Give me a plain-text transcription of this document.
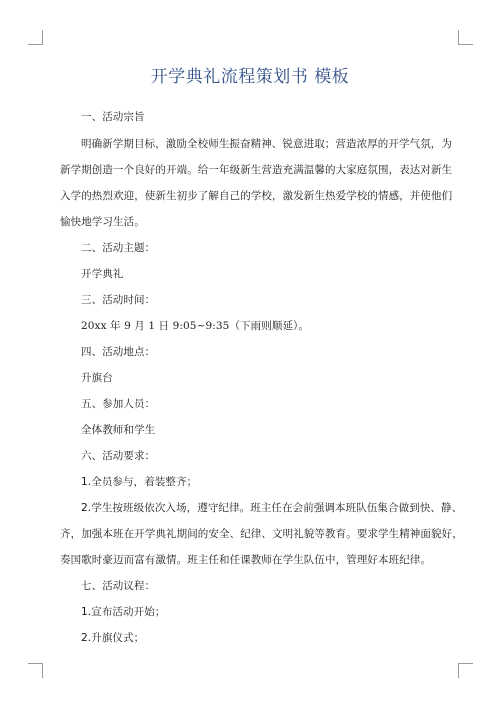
开学典礼流程策划书 模板
一、活动宗旨
明确新学期目标，激励全校师生振奋精神、锐意进取；营造浓厚的开学气氛，为
新学期创造一个良好的开端。给一年级新生营造充满温馨的大家庭氛围，表达对新生
入学的热烈欢迎，使新生初步了解自己的学校，激发新生热爱学校的情感，并使他们
愉快地学习生活。
二、活动主题：
开学典礼
三、活动时间：
20xx 年 9 月 1 日 9:05~9:35（下雨则顺延）。
四、活动地点：
升旗台
五、参加人员：
全体教师和学生
六、活动要求：
1.全员参与，着装整齐；
2.学生按班级依次入场，遵守纪律。班主任在会前强调本班队伍集合做到快、静、
齐，加强本班在开学典礼期间的安全、纪律、文明礼貌等教育。要求学生精神面貌好，
奏国歌时豪迈而富有激情。班主任和任课教师在学生队伍中，管理好本班纪律。
七、活动议程：
1.宣布活动开始；
2.升旗仪式；
